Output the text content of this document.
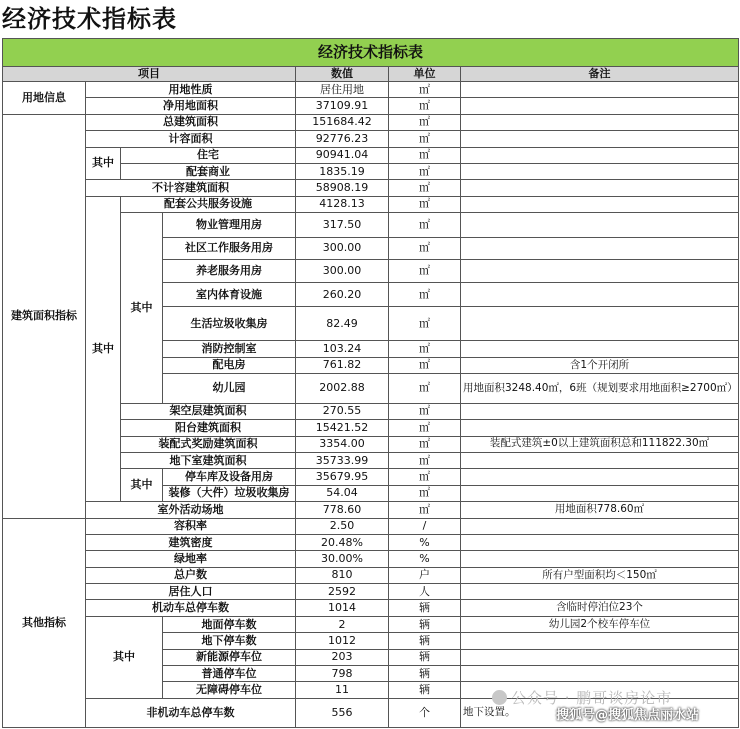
经济技术指标表
经济技术指标表						
项目				数值	单位	备注
用地信息	用地性质			居住用地	㎡	
	净用地面积			37109.91	㎡	
建筑面积指标	总建筑面积			151684.42	㎡	
	计容面积			92776.23	㎡	
	其中	住宅		90941.04	㎡	
		配套商业		1835.19	㎡	
	不计容建筑面积			58908.19	㎡	
	其中	配套公共服务设施		4128.13	㎡	
		其中	物业管理用房	317.50	㎡	
			社区工作服务用房	300.00	㎡	
			养老服务用房	300.00	㎡	
			室内体育设施	260.20	㎡	
			生活垃圾收集房	82.49	㎡	
			消防控制室	103.24	㎡	
			配电房	761.82	㎡	含1个开闭所
			幼儿园	2002.88	㎡	用地面积3248.40㎡，6班（规划要求用地面积≥2700㎡）
		架空层建筑面积		270.55	㎡	
		阳台建筑面积		15421.52	㎡	
		装配式奖励建筑面积		3354.00	㎡	装配式建筑±0以上建筑面积总和111822.30㎡
		地下室建筑面积		35733.99	㎡	
		其中	停车库及设备用房	35679.95	㎡	
			装修（大件）垃圾收集房	54.04	㎡	
	室外活动场地			778.60	㎡	用地面积778.60㎡
其他指标	容积率			2.50	/	
	建筑密度			20.48%	%	
	绿地率			30.00%	%	
	总户数			810	户	所有户型面积均＜150㎡
	居住人口			2592	人	
	机动车总停车数			1014	辆	含临时停泊位23个
	其中		地面停车数	2	辆	幼儿园2个校车停车位
			地下停车数	1012	辆	
			新能源停车位	203	辆	
			普通停车位	798	辆	
			无障碍停车位	11	辆	
	非机动车总停车数			556	个	地下设置。
公众号 · 鹏哥谈房论市
搜狐号@搜狐焦点丽水站
